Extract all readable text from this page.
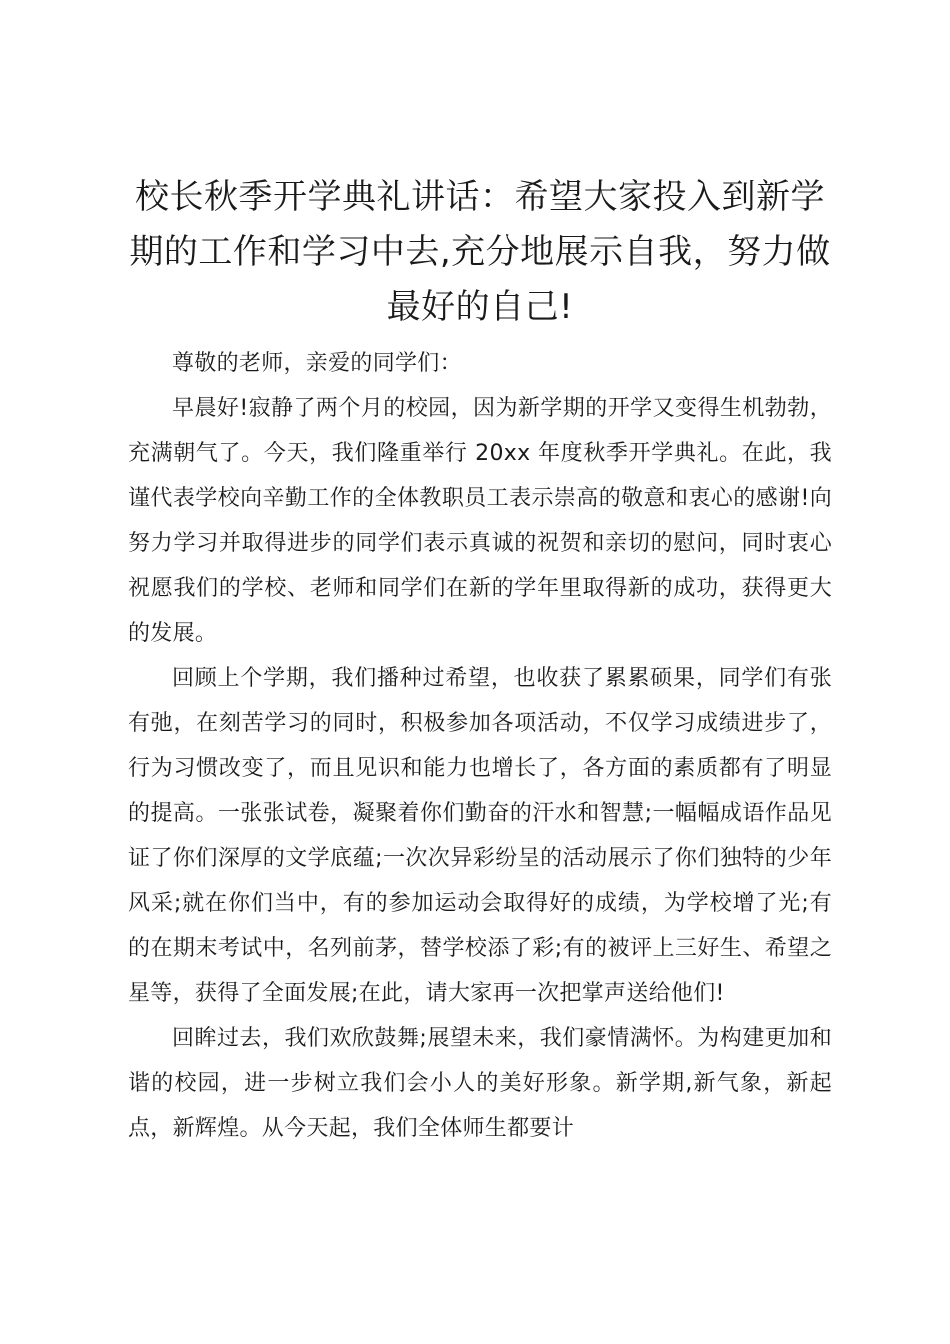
校长秋季开学典礼讲话：希望大家投入到新学期的工作和学习中去,充分地展示自我，努力做最好的自己!

尊敬的老师，亲爱的同学们：

早晨好!寂静了两个月的校园，因为新学期的开学又变得生机勃勃，充满朝气了。今天，我们隆重举行 20xx 年度秋季开学典礼。在此，我谨代表学校向辛勤工作的全体教职员工表示崇高的敬意和衷心的感谢!向努力学习并取得进步的同学们表示真诚的祝贺和亲切的慰问，同时衷心祝愿我们的学校、老师和同学们在新的学年里取得新的成功，获得更大的发展。

回顾上个学期，我们播种过希望，也收获了累累硕果，同学们有张有弛，在刻苦学习的同时，积极参加各项活动，不仅学习成绩进步了，行为习惯改变了，而且见识和能力也增长了，各方面的素质都有了明显的提高。一张张试卷，凝聚着你们勤奋的汗水和智慧;一幅幅成语作品见证了你们深厚的文学底蕴;一次次异彩纷呈的活动展示了你们独特的少年风采;就在你们当中，有的参加运动会取得好的成绩，为学校增了光;有的在期末考试中，名列前茅，替学校添了彩;有的被评上三好生、希望之星等，获得了全面发展;在此，请大家再一次把掌声送给他们!

回眸过去，我们欢欣鼓舞;展望未来，我们豪情满怀。为构建更加和谐的校园，进一步树立我们会小人的美好形象。新学期,新气象，新起点，新辉煌。从今天起，我们全体师生都要计
